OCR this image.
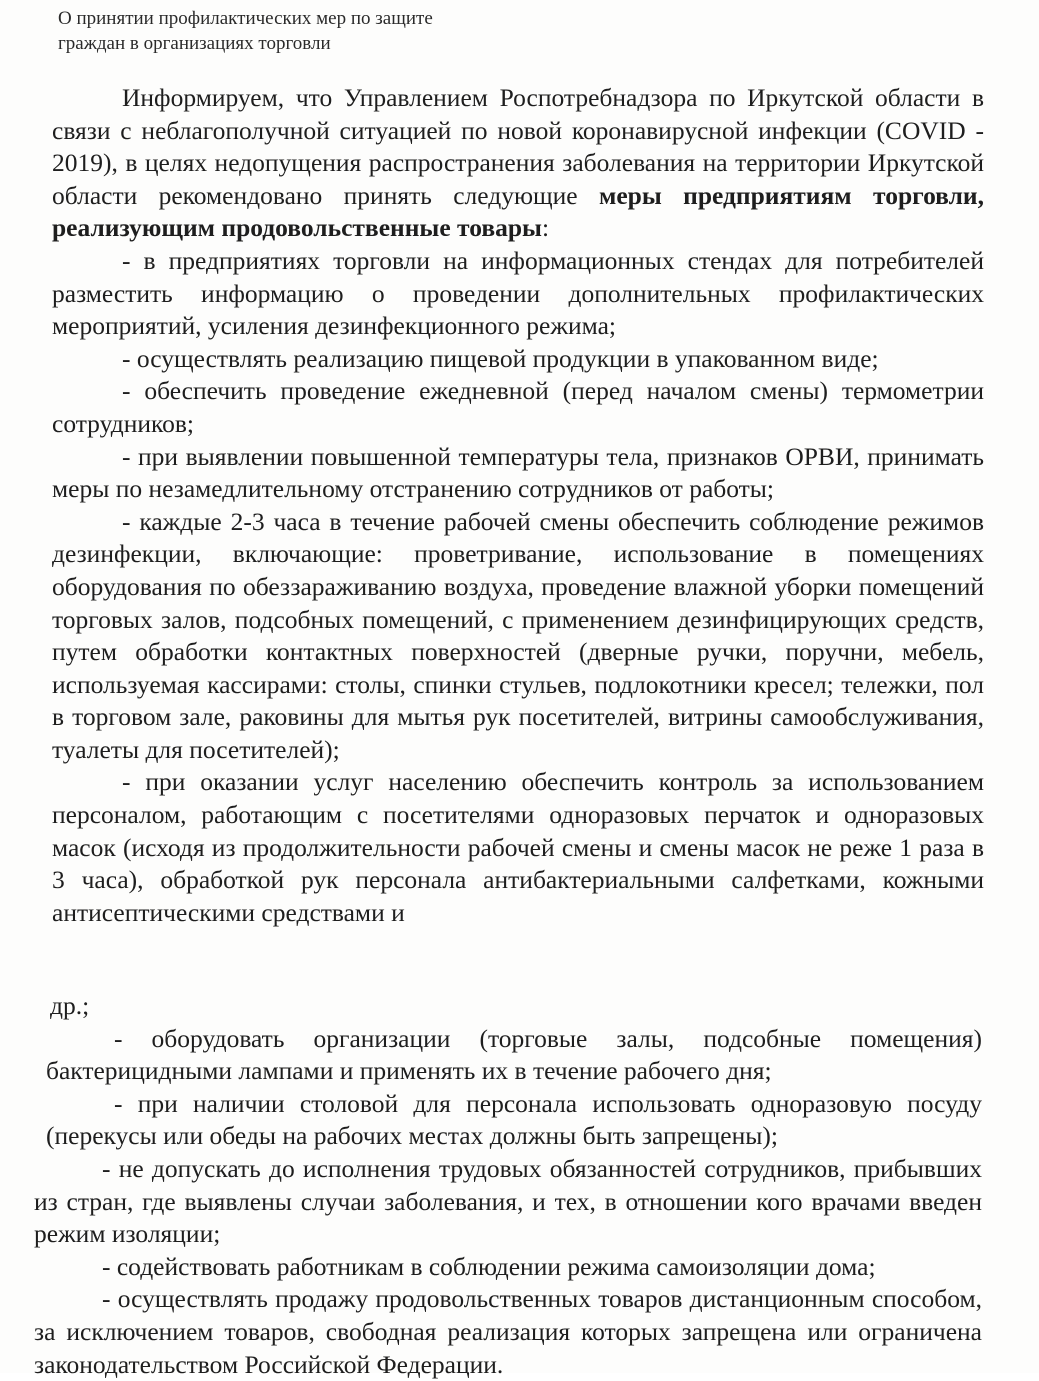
О принятии профилактических мер по защите
граждан в организациях торговли

Информируем, что Управлением Роспотребнадзора по Иркутской области в связи с неблагополучной ситуацией по новой коронавирусной инфекции (COVID - 2019), в целях недопущения распространения заболевания на территории Иркутской области рекомендовано принять следующие меры предприятиям торговли, реализующим продовольственные товары:

- в предприятиях торговли на информационных стендах для потребителей разместить информацию о проведении дополнительных профилактических мероприятий, усиления дезинфекционного режима;

- осуществлять реализацию пищевой продукции в упакованном виде;

- обеспечить проведение ежедневной (перед началом смены) термометрии сотрудников;

- при выявлении повышенной температуры тела, признаков ОРВИ, принимать меры по незамедлительному отстранению сотрудников от работы;

- каждые 2-3 часа в течение рабочей смены обеспечить соблюдение режимов дезинфекции, включающие: проветривание, использование в помещениях оборудования по обеззараживанию воздуха, проведение влажной уборки помещений торговых залов, подсобных помещений, с применением дезинфицирующих средств, путем обработки контактных поверхностей (дверные ручки, поручни, мебель, используемая кассирами: столы, спинки стульев, подлокотники кресел; тележки, пол в торговом зале, раковины для мытья рук посетителей, витрины самообслуживания, туалеты для посетителей);

- при оказании услуг населению обеспечить контроль за использованием персоналом, работающим с посетителями одноразовых перчаток и одноразовых масок (исходя из продолжительности рабочей смены и смены масок не реже 1 раза в 3 часа), обработкой рук персонала антибактериальными салфетками, кожными антисептическими средствами и

др.;

- оборудовать организации (торговые залы, подсобные помещения) бактерицидными лампами и применять их в течение рабочего дня;

- при наличии столовой для персонала использовать одноразовую посуду (перекусы или обеды на рабочих местах должны быть запрещены);

- не допускать до исполнения трудовых обязанностей сотрудников, прибывших из стран, где выявлены случаи заболевания, и тех, в отношении кого врачами введен режим изоляции;

- содействовать работникам в соблюдении режима самоизоляции дома;

- осуществлять продажу продовольственных товаров дистанционным способом, за исключением товаров, свободная реализация которых запрещена или ограничена законодательством Российской Федерации.
